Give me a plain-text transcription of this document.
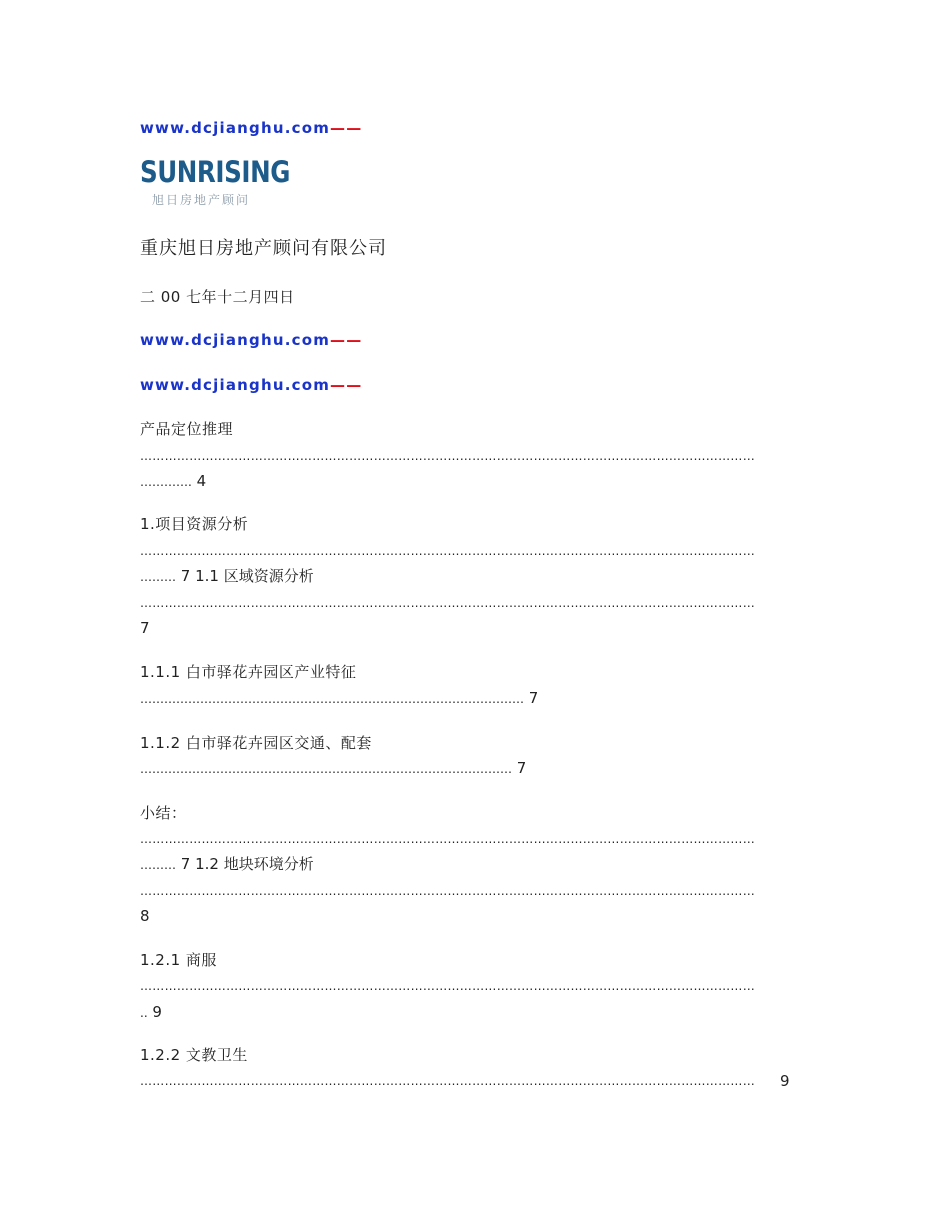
www.dcjianghu.com——
SUNRISING
旭日房地产顾问
重庆旭日房地产顾问有限公司
二 00 七年十二月四日
www.dcjianghu.com——
www.dcjianghu.com——
产品定位推理
……………………………………………………………………………………………………………………………………
…………. 4
1.项目资源分析
……………………………………………………………………………………………………………………………………
……… 7 1.1 区域资源分析
……………………………………………………………………………………………………………………………………
7
1.1.1 白市驿花卉园区产业特征
…………………………………………………………………………………… 7
1.1.2 白市驿花卉园区交通、配套
………………………………………………………………………………… 7
小结：
……………………………………………………………………………………………………………………………………
……… 7 1.2 地块环境分析
……………………………………………………………………………………………………………………………………
8
1.2.1 商服
……………………………………………………………………………………………………………………………………
.. 9
1.2.2 文教卫生
……………………………………………………………………………………………………………………………………	9
